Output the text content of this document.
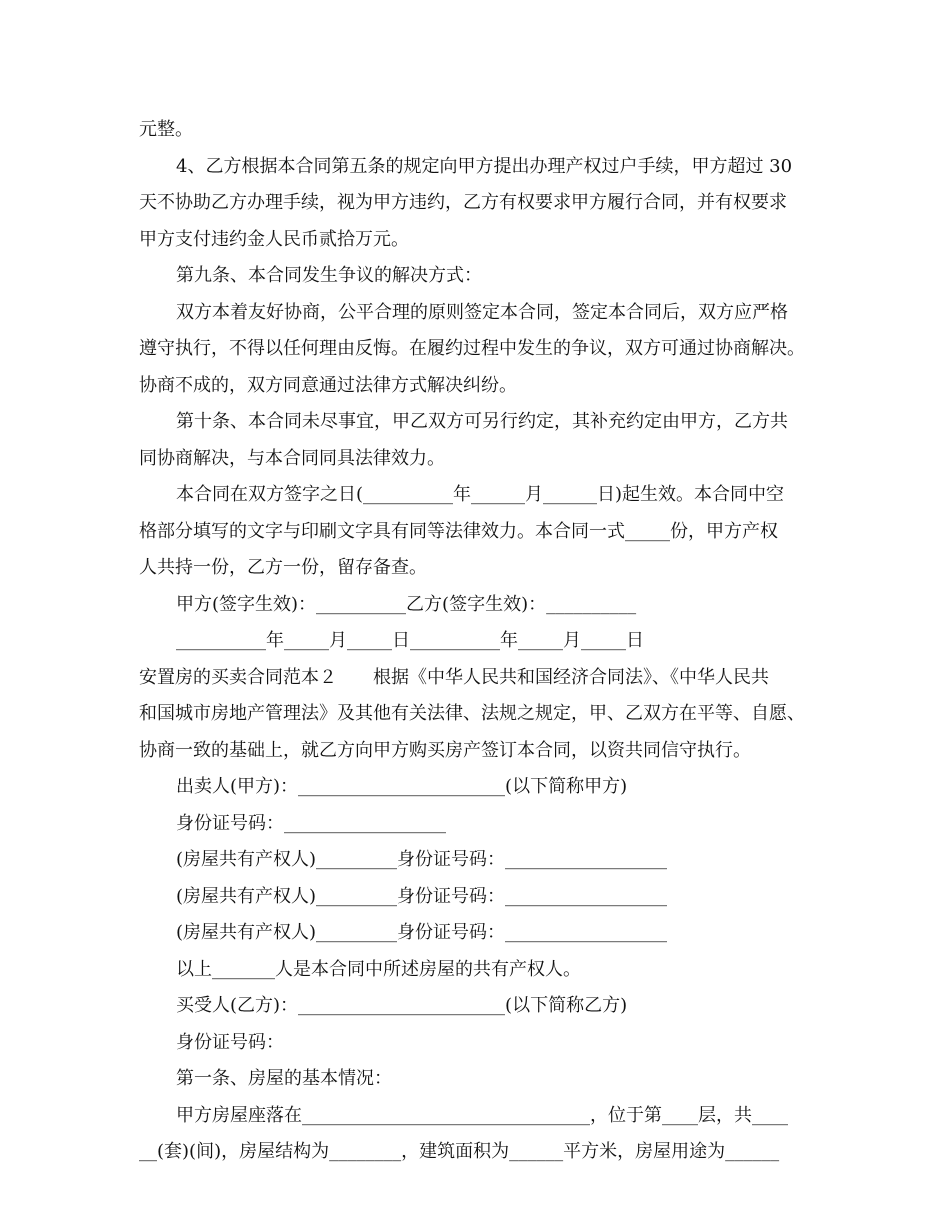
元整。
4、乙方根据本合同第五条的规定向甲方提出办理产权过户手续，甲方超过 30
天不协助乙方办理手续，视为甲方违约，乙方有权要求甲方履行合同，并有权要求
甲方支付违约金人民币贰拾万元。
第九条、本合同发生争议的解决方式：
双方本着友好协商，公平合理的原则签定本合同，签定本合同后，双方应严格
遵守执行，不得以任何理由反悔。在履约过程中发生的争议，双方可通过协商解决。
协商不成的，双方同意通过法律方式解决纠纷。
第十条、本合同未尽事宜，甲乙双方可另行约定，其补充约定由甲方，乙方共
同协商解决，与本合同同具法律效力。
本合同在双方签字之日(__________年______月______日)起生效。本合同中空
格部分填写的文字与印刷文字具有同等法律效力。本合同一式_____份，甲方产权
人共持一份，乙方一份，留存备查。
甲方(签字生效)：__________乙方(签字生效)：__________
__________年_____月_____日__________年_____月_____日
安置房的买卖合同范本２　　根据《中华人民共和国经济合同法》、《中华人民共
和国城市房地产管理法》及其他有关法律、法规之规定，甲、乙双方在平等、自愿、
协商一致的基础上，就乙方向甲方购买房产签订本合同，以资共同信守执行。
出卖人(甲方)：_______________________(以下简称甲方)
身份证号码：__________________
(房屋共有产权人)_________身份证号码：__________________
(房屋共有产权人)_________身份证号码：__________________
(房屋共有产权人)_________身份证号码：__________________
以上_______人是本合同中所述房屋的共有产权人。
买受人(乙方)：_______________________(以下简称乙方)
身份证号码：
第一条、房屋的基本情况：
甲方房屋座落在________________________________，位于第____层，共____
__(套)(间)，房屋结构为________，建筑面积为______平方米，房屋用途为______
